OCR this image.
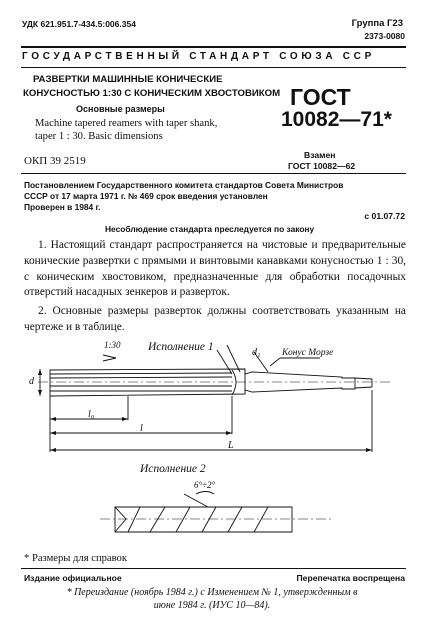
УДК 621.951.7-434.5:006.354	Группа Г23
2373-0080
ГОСУДАРСТВЕННЫЙ СТАНДАРТ СОЮЗА ССР
РАЗВЕРТКИ МАШИННЫЕ КОНИЧЕСКИЕ
КОНУСНОСТЬЮ 1:30 С КОНИЧЕСКИМ ХВОСТОВИКОМ
Основные размеры
Machine tapered reamers with taper shank,
taper 1 : 30. Basic dimensions
ГОСТ
10082—71*
ОКП 39 2519	Взамен
ГОСТ 10082—62
Постановлением Государственного комитета стандартов Совета Министров
СССР от 17 марта 1971 г. № 469 срок введения установлен
Проверен в 1984 г.
с 01.07.72
Несоблюдение стандарта преследуется по закону
1. Настоящий стандарт распространяется на чистовые и предварительные конические развертки с прямыми и винтовыми канавками конусностью 1 : 30, с коническим хвостовиком, предназначенные для обработки посадочных отверстий насадных зенкеров и разверток.
2. Основные размеры разверток должны соответствовать указанным на чертеже и в таблице.
Исполнение 1
Исполнение 2
1:30
Конус Морзе
d
d₁
l₀
l
L
6°÷2°
* Размеры для справок
Издание официальное	Перепечатка воспрещена
* Переиздание (ноябрь 1984 г.) с Изменением № 1, утвержденным в июне 1984 г. (ИУС 10—84).
